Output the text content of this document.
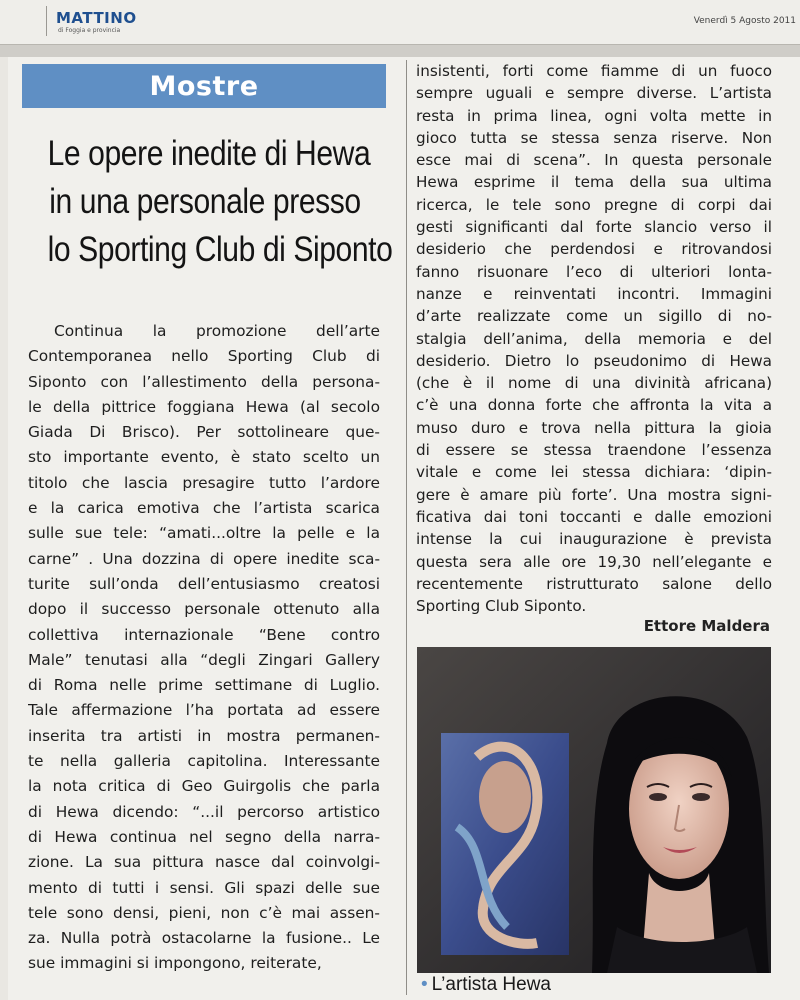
MATTINO
di Foggia e provincia
Venerdì 5 Agosto 2011
Mostre
Le opere inedite di Hewa
in una personale presso
lo Sporting Club di Siponto
Continua la promozione dell’arte
Contemporanea nello Sporting Club di
Siponto con l’allestimento della persona-
le della pittrice foggiana Hewa (al secolo
Giada Di Brisco). Per sottolineare que-
sto importante evento, è stato scelto un
titolo che lascia presagire tutto l’ardore
e la carica emotiva che l’artista scarica
sulle sue tele: “amati...oltre la pelle e la
carne” . Una dozzina di opere inedite sca-
turite sull’onda dell’entusiasmo creatosi
dopo il successo personale ottenuto alla
collettiva internazionale “Bene contro
Male” tenutasi alla “degli Zingari Gallery
di Roma nelle prime settimane di Luglio.
Tale affermazione l’ha portata ad essere
inserita tra artisti in mostra permanen-
te nella galleria capitolina. Interessante
la nota critica di Geo Guirgolis che parla
di Hewa dicendo: “...il percorso artistico
di Hewa continua nel segno della narra-
zione. La sua pittura nasce dal coinvolgi-
mento di tutti i sensi. Gli spazi delle sue
tele sono densi, pieni, non c’è mai assen-
za. Nulla potrà ostacolarne la fusione.. Le
sue immagini si impongono, reiterate,
insistenti, forti come fiamme di un fuoco
sempre uguali e sempre diverse. L’artista
resta in prima linea, ogni volta mette in
gioco tutta se stessa senza riserve. Non
esce mai di scena”. In questa personale
Hewa esprime il tema della sua ultima
ricerca, le tele sono pregne di corpi dai
gesti significanti dal forte slancio verso il
desiderio che perdendosi e ritrovandosi
fanno risuonare l’eco di ulteriori lonta-
nanze e reinventati incontri. Immagini
d’arte realizzate come un sigillo di no-
stalgia dell’anima, della memoria e del
desiderio. Dietro lo pseudonimo di Hewa
(che è il nome di una divinità africana)
c’è una donna forte che affronta la vita a
muso duro e trova nella pittura la gioia
di essere se stessa traendone l’essenza
vitale e come lei stessa dichiara: ‘dipin-
gere è amare più forte’. Una mostra signi-
ficativa dai toni toccanti e dalle emozioni
intense la cui inaugurazione è prevista
questa sera alle ore 19,30 nell’elegante e
recentemente ristrutturato salone dello
Sporting Club Siponto.
Ettore Maldera
• L’artista Hewa
